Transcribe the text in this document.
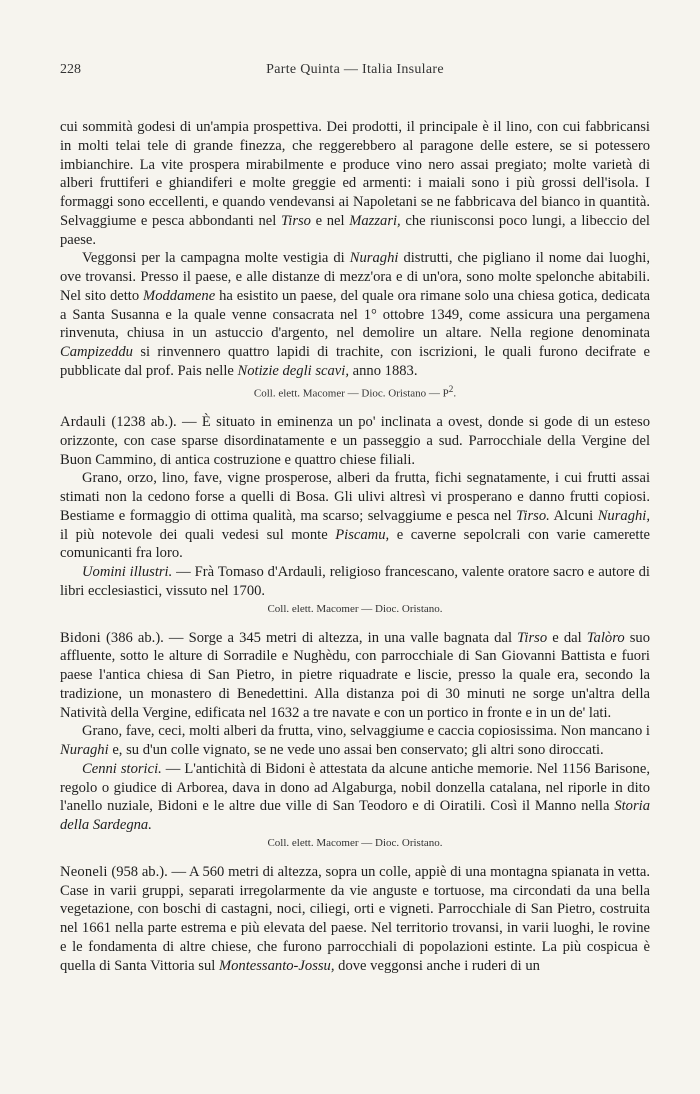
228	Parte Quinta — Italia Insulare

cui sommità godesi di un'ampia prospettiva. Dei prodotti, il principale è il lino, con cui fabbricansi in molti telai tele di grande finezza, che reggerebbero al paragone delle estere, se si potessero imbianchire. La vite prospera mirabilmente e produce vino nero assai pregiato; molte varietà di alberi fruttiferi e ghiandiferi e molte greggie ed armenti: i maiali sono i più grossi dell'isola. I formaggi sono eccellenti, e quando vendevansi ai Napoletani se ne fabbricava del bianco in quantità. Selvaggiume e pesca abbondanti nel Tirso e nel Mazzari, che riunisconsi poco lungi, a libeccio del paese.

Veggonsi per la campagna molte vestigia di Nuraghi distrutti, che pigliano il nome dai luoghi, ove trovansi. Presso il paese, e alle distanze di mezz'ora e di un'ora, sono molte spelonche abitabili. Nel sito detto Moddamene ha esistito un paese, del quale ora rimane solo una chiesa gotica, dedicata a Santa Susanna e la quale venne consacrata nel 1° ottobre 1349, come assicura una pergamena rinvenuta, chiusa in un astuccio d'argento, nel demolire un altare. Nella regione denominata Campizeddu si rinvennero quattro lapidi di trachite, con iscrizioni, le quali furono decifrate e pubblicate dal prof. Pais nelle Notizie degli scavi, anno 1883.

Coll. elett. Macomer — Dioc. Oristano — $P^2$.

Ardauli (1238 ab.). — È situato in eminenza un po' inclinata a ovest, donde si gode di un esteso orizzonte, con case sparse disordinatamente e un passeggio a sud. Parrocchiale della Vergine del Buon Cammino, di antica costruzione e quattro chiese filiali.

Grano, orzo, lino, fave, vigne prosperose, alberi da frutta, fichi segnatamente, i cui frutti assai stimati non la cedono forse a quelli di Bosa. Gli ulivi altresì vi prosperano e danno frutti copiosi. Bestiame e formaggio di ottima qualità, ma scarso; selvaggiume e pesca nel Tirso. Alcuni Nuraghi, il più notevole dei quali vedesi sul monte Piscamu, e caverne sepolcrali con varie camerette comunicanti fra loro.

Uomini illustri. — Frà Tomaso d'Ardauli, religioso francescano, valente oratore sacro e autore di libri ecclesiastici, vissuto nel 1700.

Coll. elett. Macomer — Dioc. Oristano.

Bidoni (386 ab.). — Sorge a 345 metri di altezza, in una valle bagnata dal Tirso e dal Talòro suo affluente, sotto le alture di Sorradile e Nughèdu, con parrocchiale di San Giovanni Battista e fuori paese l'antica chiesa di San Pietro, in pietre riquadrate e liscie, presso la quale era, secondo la tradizione, un monastero di Benedettini. Alla distanza poi di 30 minuti ne sorge un'altra della Natività della Vergine, edificata nel 1632 a tre navate e con un portico in fronte e in un de' lati.

Grano, fave, ceci, molti alberi da frutta, vino, selvaggiume e caccia copiosissima. Non mancano i Nuraghi e, su d'un colle vignato, se ne vede uno assai ben conservato; gli altri sono diroccati.

Cenni storici. — L'antichità di Bidoni è attestata da alcune antiche memorie. Nel 1156 Barisone, regolo o giudice di Arborea, dava in dono ad Algaburga, nobil donzella catalana, nel riporle in dito l'anello nuziale, Bidoni e le altre due ville di San Teodoro e di Oiratili. Così il Manno nella Storia della Sardegna.

Coll. elett. Macomer — Dioc. Oristano.

Neoneli (958 ab.). — A 560 metri di altezza, sopra un colle, appiè di una montagna spianata in vetta. Case in varii gruppi, separati irregolarmente da vie anguste e tortuose, ma circondati da una bella vegetazione, con boschi di castagni, noci, ciliegi, orti e vigneti. Parrocchiale di San Pietro, costruita nel 1661 nella parte estrema e più elevata del paese. Nel territorio trovansi, in varii luoghi, le rovine e le fondamenta di altre chiese, che furono parrocchiali di popolazioni estinte. La più cospicua è quella di Santa Vittoria sul Montessanto-Jossu, dove veggonsi anche i ruderi di un
